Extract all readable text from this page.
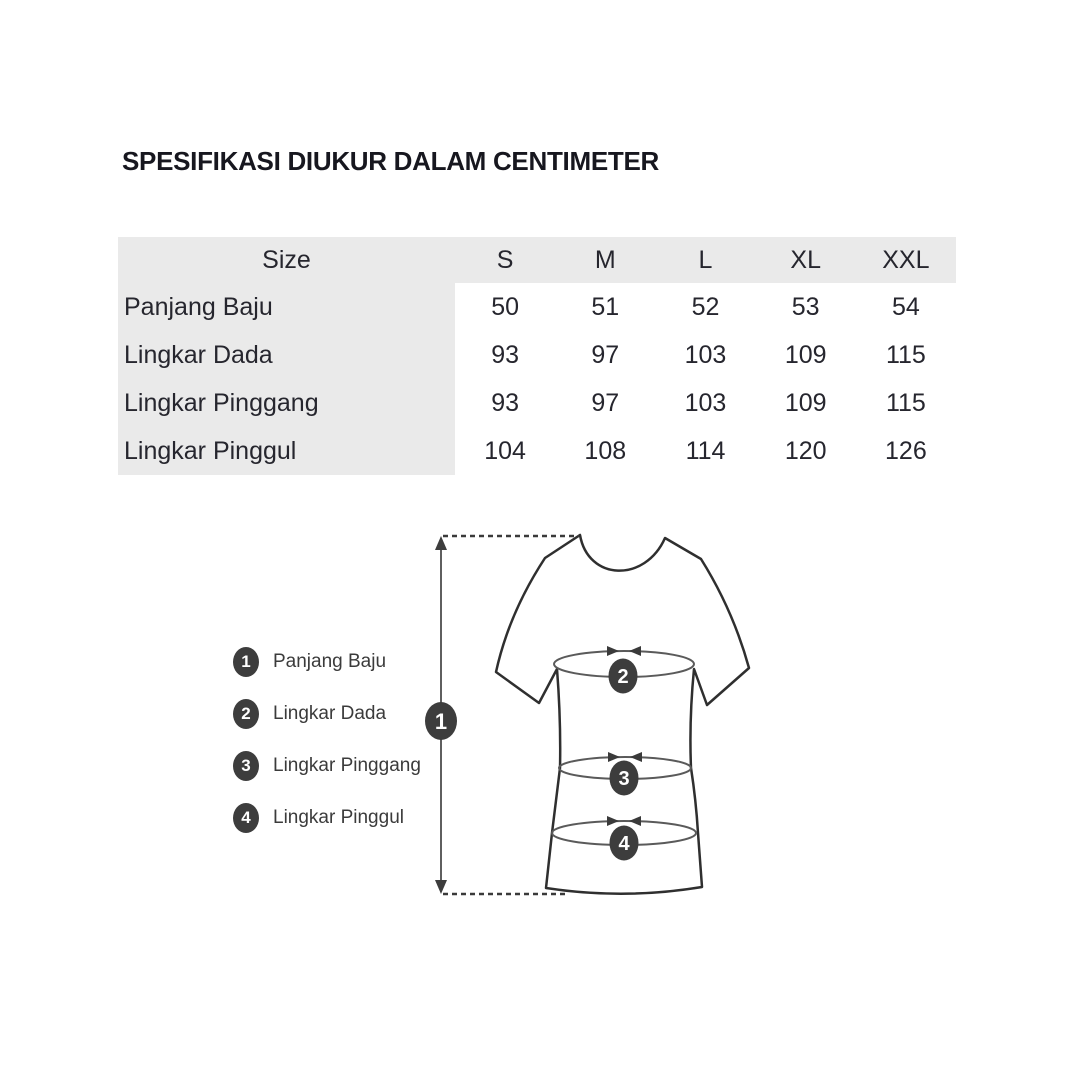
SPESIFIKASI DIUKUR DALAM CENTIMETER
Size	S	M	L	XL	XXL
Panjang Baju	50	51	52	53	54
Lingkar Dada	93	97	103	109	115
Lingkar Pinggang	93	97	103	109	115
Lingkar Pinggul	104	108	114	120	126
1	Panjang Baju
2	Lingkar Dada
3	Lingkar Pinggang
4	Lingkar Pinggul
1
2
3
4
